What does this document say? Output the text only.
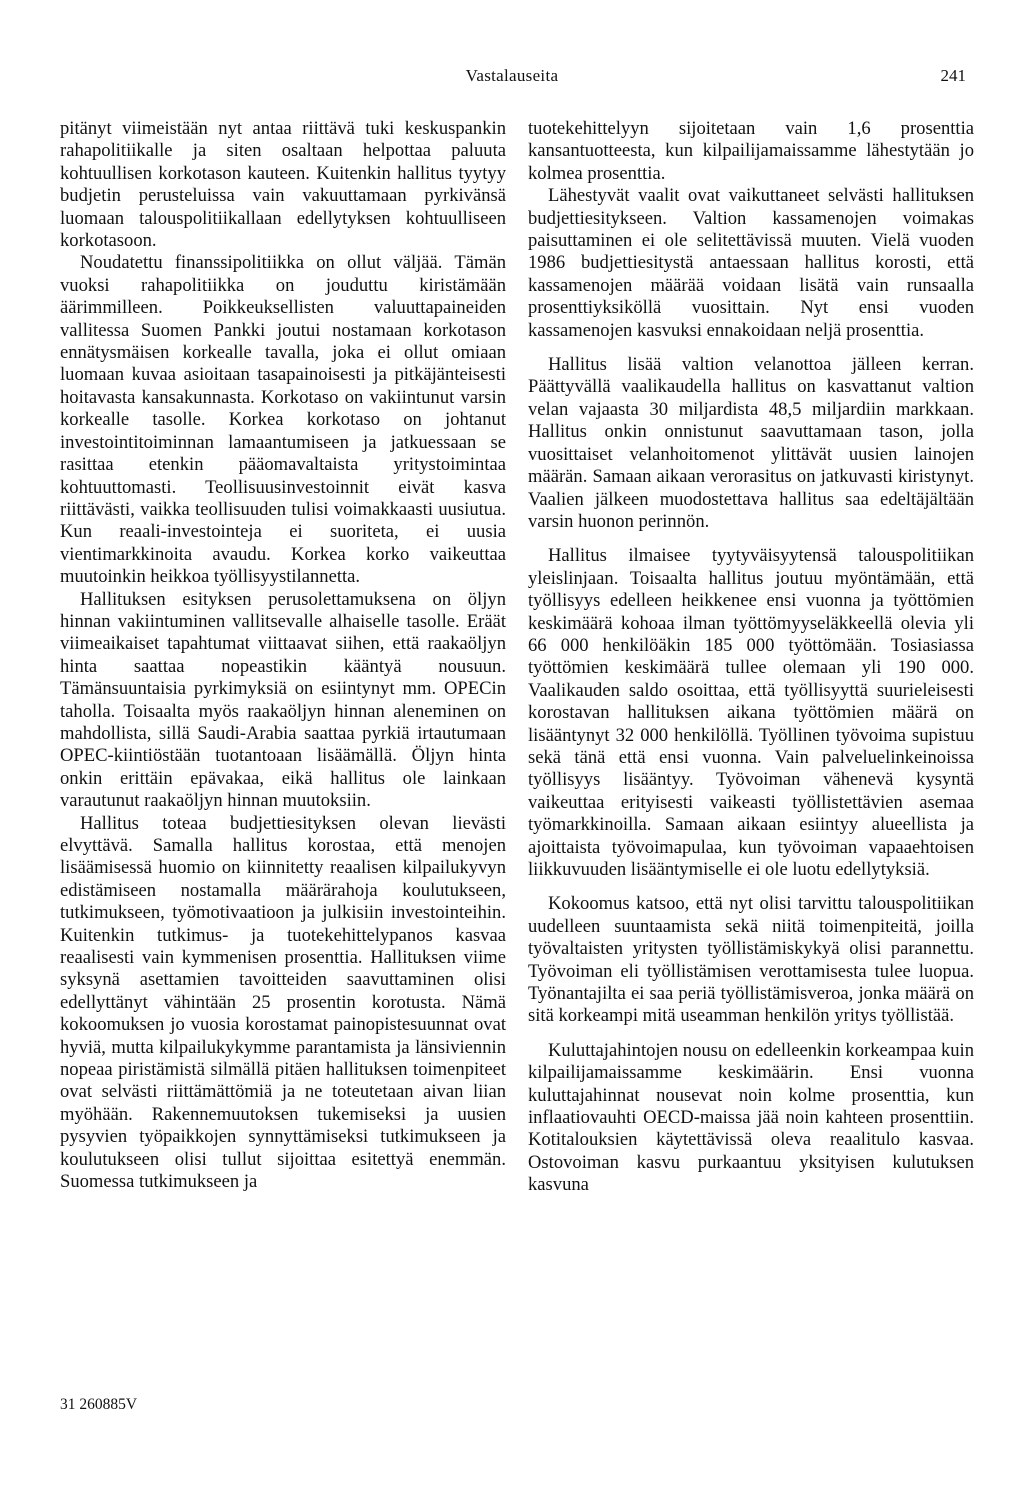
Vastalauseita	241

pitänyt viimeistään nyt antaa riittävä tuki keskuspankin rahapolitiikalle ja siten osaltaan helpottaa paluuta kohtuullisen korkotason kauteen. Kuitenkin hallitus tyytyy budjetin perusteluissa vain vakuuttamaan pyrkivänsä luomaan talouspolitiikallaan edellytyksen kohtuulliseen korkotasoon.

Noudatettu finanssipolitiikka on ollut väljää. Tämän vuoksi rahapolitiikka on jouduttu kiristämään äärimmilleen. Poikkeuksellisten valuuttapaineiden vallitessa Suomen Pankki joutui nostamaan korkotason ennätysmäisen korkealle tavalla, joka ei ollut omiaan luomaan kuvaa asioitaan tasapainoisesti ja pitkäjänteisesti hoitavasta kansakunnasta. Korkotaso on vakiintunut varsin korkealle tasolle. Korkea korkotaso on johtanut investointitoiminnan lamaantumiseen ja jatkuessaan se rasittaa etenkin pääomavaltaista yritystoimintaa kohtuuttomasti. Teollisuusinvestoinnit eivät kasva riittävästi, vaikka teollisuuden tulisi voimakkaasti uusiutua. Kun reaali-investointeja ei suoriteta, ei uusia vientimarkkinoita avaudu. Korkea korko vaikeuttaa muutoinkin heikkoa työllisyystilannetta.

Hallituksen esityksen perusolettamuksena on öljyn hinnan vakiintuminen vallitsevalle alhaiselle tasolle. Eräät viimeaikaiset tapahtumat viittaavat siihen, että raakaöljyn hinta saattaa nopeastikin kääntyä nousuun. Tämänsuuntaisia pyrkimyksiä on esiintynyt mm. OPECin taholla. Toisaalta myös raakaöljyn hinnan aleneminen on mahdollista, sillä Saudi-Arabia saattaa pyrkiä irtautumaan OPEC-kiintiöstään tuotantoaan lisäämällä. Öljyn hinta onkin erittäin epävakaa, eikä hallitus ole lainkaan varautunut raakaöljyn hinnan muutoksiin.

Hallitus toteaa budjettiesityksen olevan lievästi elvyttävä. Samalla hallitus korostaa, että menojen lisäämisessä huomio on kiinnitetty reaalisen kilpailukyvyn edistämiseen nostamalla määrärahoja koulutukseen, tutkimukseen, työmotivaatioon ja julkisiin investointeihin. Kuitenkin tutkimus- ja tuotekehittelypanos kasvaa reaalisesti vain kymmenisen prosenttia. Hallituksen viime syksynä asettamien tavoitteiden saavuttaminen olisi edellyttänyt vähintään 25 prosentin korotusta. Nämä kokoomuksen jo vuosia korostamat painopistesuunnat ovat hyviä, mutta kilpailukykymme parantamista ja länsiviennin nopeaa piristämistä silmällä pitäen hallituksen toimenpiteet ovat selvästi riittämättömiä ja ne toteutetaan aivan liian myöhään. Rakennemuutoksen tukemiseksi ja uusien pysyvien työpaikkojen synnyttämiseksi tutkimukseen ja koulutukseen olisi tullut sijoittaa esitettyä enemmän. Suomessa tutkimukseen ja

tuotekehittelyyn sijoitetaan vain 1,6 prosenttia kansantuotteesta, kun kilpailijamaissamme lähestytään jo kolmea prosenttia.

Lähestyvät vaalit ovat vaikuttaneet selvästi hallituksen budjettiesitykseen. Valtion kassamenojen voimakas paisuttaminen ei ole selitettävissä muuten. Vielä vuoden 1986 budjettiesitystä antaessaan hallitus korosti, että kassamenojen määrää voidaan lisätä vain runsaalla prosenttiyksiköllä vuosittain. Nyt ensi vuoden kassamenojen kasvuksi ennakoidaan neljä prosenttia.

Hallitus lisää valtion velanottoa jälleen kerran. Päättyvällä vaalikaudella hallitus on kasvattanut valtion velan vajaasta 30 miljardista 48,5 miljardiin markkaan. Hallitus onkin onnistunut saavuttamaan tason, jolla vuosittaiset velanhoitomenot ylittävät uusien lainojen määrän. Samaan aikaan verorasitus on jatkuvasti kiristynyt. Vaalien jälkeen muodostettava hallitus saa edeltäjältään varsin huonon perinnön.

Hallitus ilmaisee tyytyväisyytensä talouspolitiikan yleislinjaan. Toisaalta hallitus joutuu myöntämään, että työllisyys edelleen heikkenee ensi vuonna ja työttömien keskimäärä kohoaa ilman työttömyyseläkkeellä olevia yli 66 000 henkilöäkin 185 000 työttömään. Tosiasiassa työttömien keskimäärä tullee olemaan yli 190 000. Vaalikauden saldo osoittaa, että työllisyyttä suurieleisesti korostavan hallituksen aikana työttömien määrä on lisääntynyt 32 000 henkilöllä. Työllinen työvoima supistuu sekä tänä että ensi vuonna. Vain palveluelinkeinoissa työllisyys lisääntyy. Työvoiman vähenevä kysyntä vaikeuttaa erityisesti vaikeasti työllistettävien asemaa työmarkkinoilla. Samaan aikaan esiintyy alueellista ja ajoittaista työvoimapulaa, kun työvoiman vapaaehtoisen liikkuvuuden lisääntymiselle ei ole luotu edellytyksiä.

Kokoomus katsoo, että nyt olisi tarvittu talouspolitiikan uudelleen suuntaamista sekä niitä toimenpiteitä, joilla työvaltaisten yritysten työllistämiskykyä olisi parannettu. Työvoiman eli työllistämisen verottamisesta tulee luopua. Työnantajilta ei saa periä työllistämisveroa, jonka määrä on sitä korkeampi mitä useamman henkilön yritys työllistää.

Kuluttajahintojen nousu on edelleenkin korkeampaa kuin kilpailijamaissamme keskimäärin. Ensi vuonna kuluttajahinnat nousevat noin kolme prosenttia, kun inflaatiovauhti OECD-maissa jää noin kahteen prosenttiin. Kotitalouksien käytettävissä oleva reaalitulo kasvaa. Ostovoiman kasvu purkaantuu yksityisen kulutuksen kasvuna

31 260885V
